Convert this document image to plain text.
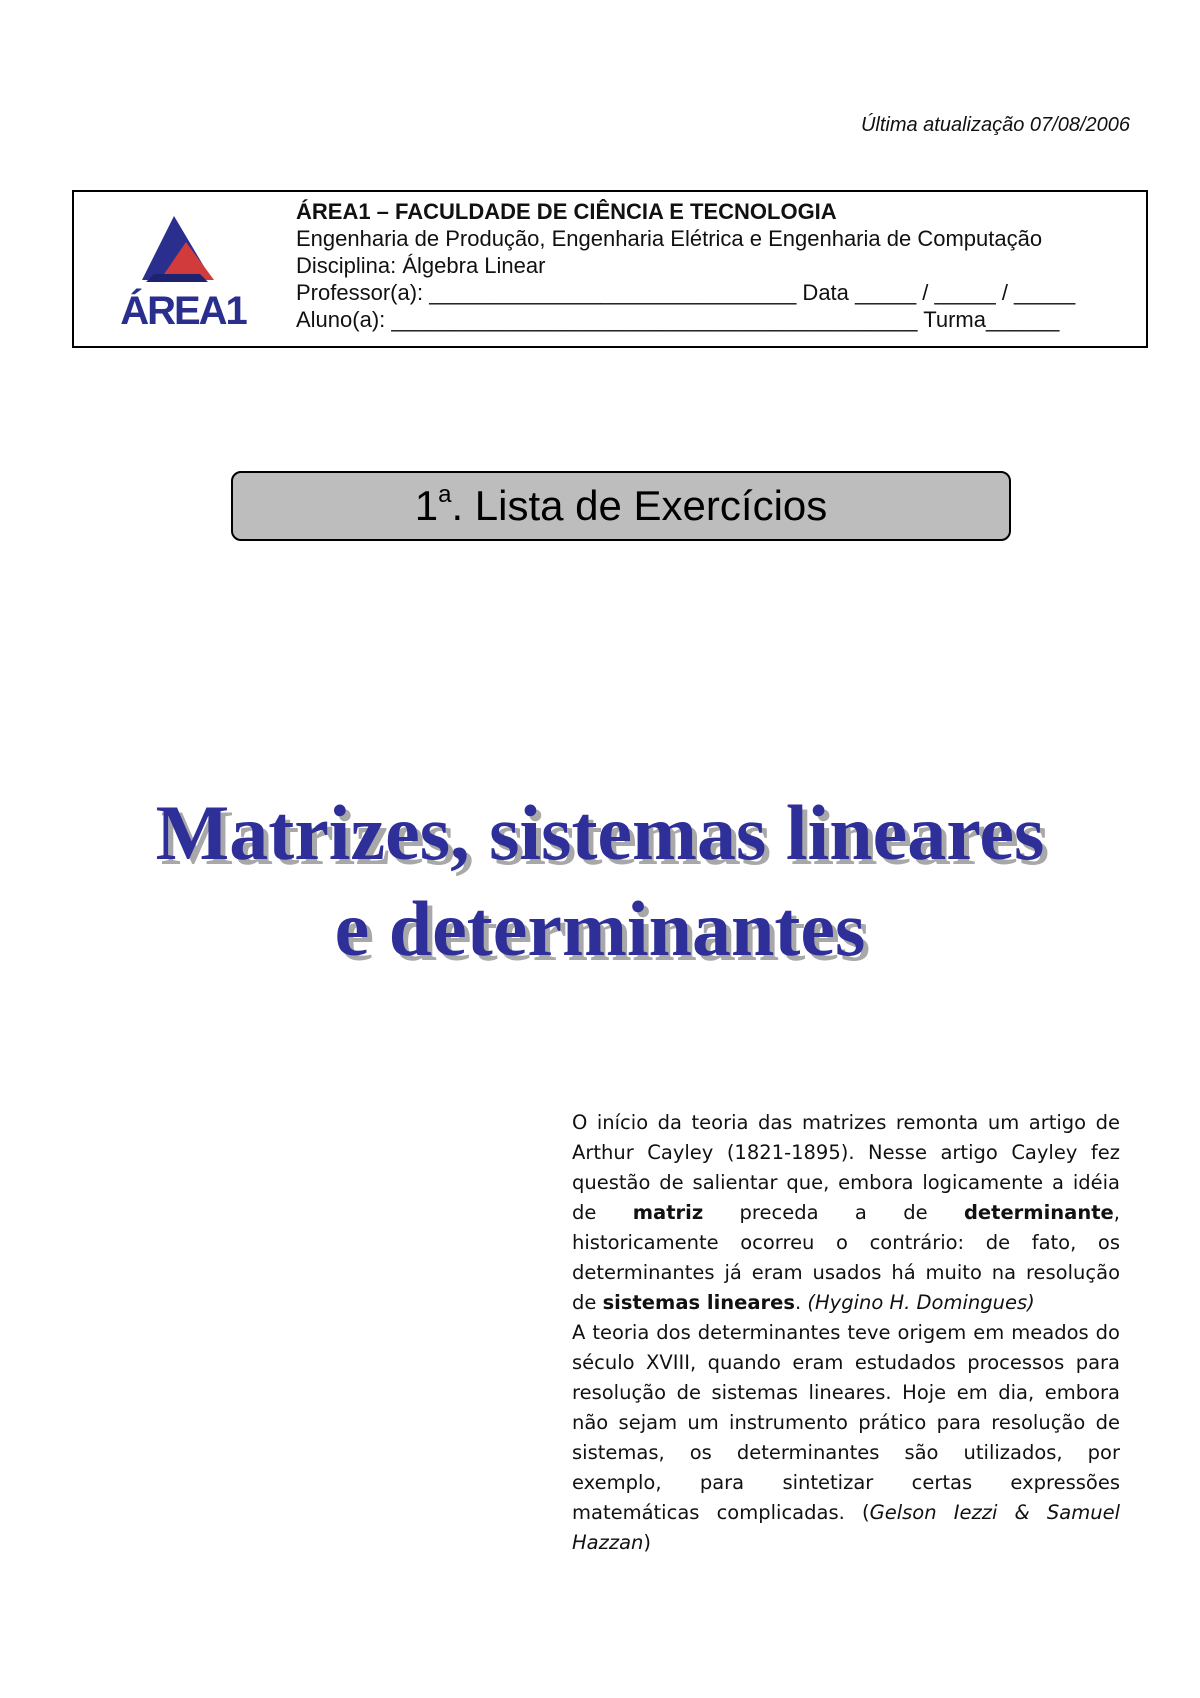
Última atualização 07/08/2006
ÁREA1
ÁREA1 – FACULDADE DE CIÊNCIA E TECNOLOGIA
Engenharia de Produção, Engenharia Elétrica e Engenharia de Computação
Disciplina: Álgebra Linear
Professor(a): ______________________________ Data _____ / _____ / _____
Aluno(a): ___________________________________________ Turma______
1$^a$. Lista de Exercícios
Matrizes, sistemas lineares
e determinantes

O início da teoria das matrizes remonta um artigo de Arthur Cayley (1821-1895). Nesse artigo Cayley fez questão de salientar que, embora logicamente a idéia de matriz preceda a de determinante, historicamente ocorreu o contrário: de fato, os determinantes já eram usados há muito na resolução de sistemas lineares. (Hygino H. Domingues)

A teoria dos determinantes teve origem em meados do século XVIII, quando eram estudados processos para resolução de sistemas lineares. Hoje em dia, embora não sejam um instrumento prático para resolução de sistemas, os determinantes são utilizados, por exemplo, para sintetizar certas expressões matemáticas complicadas. (Gelson Iezzi & Samuel Hazzan)
